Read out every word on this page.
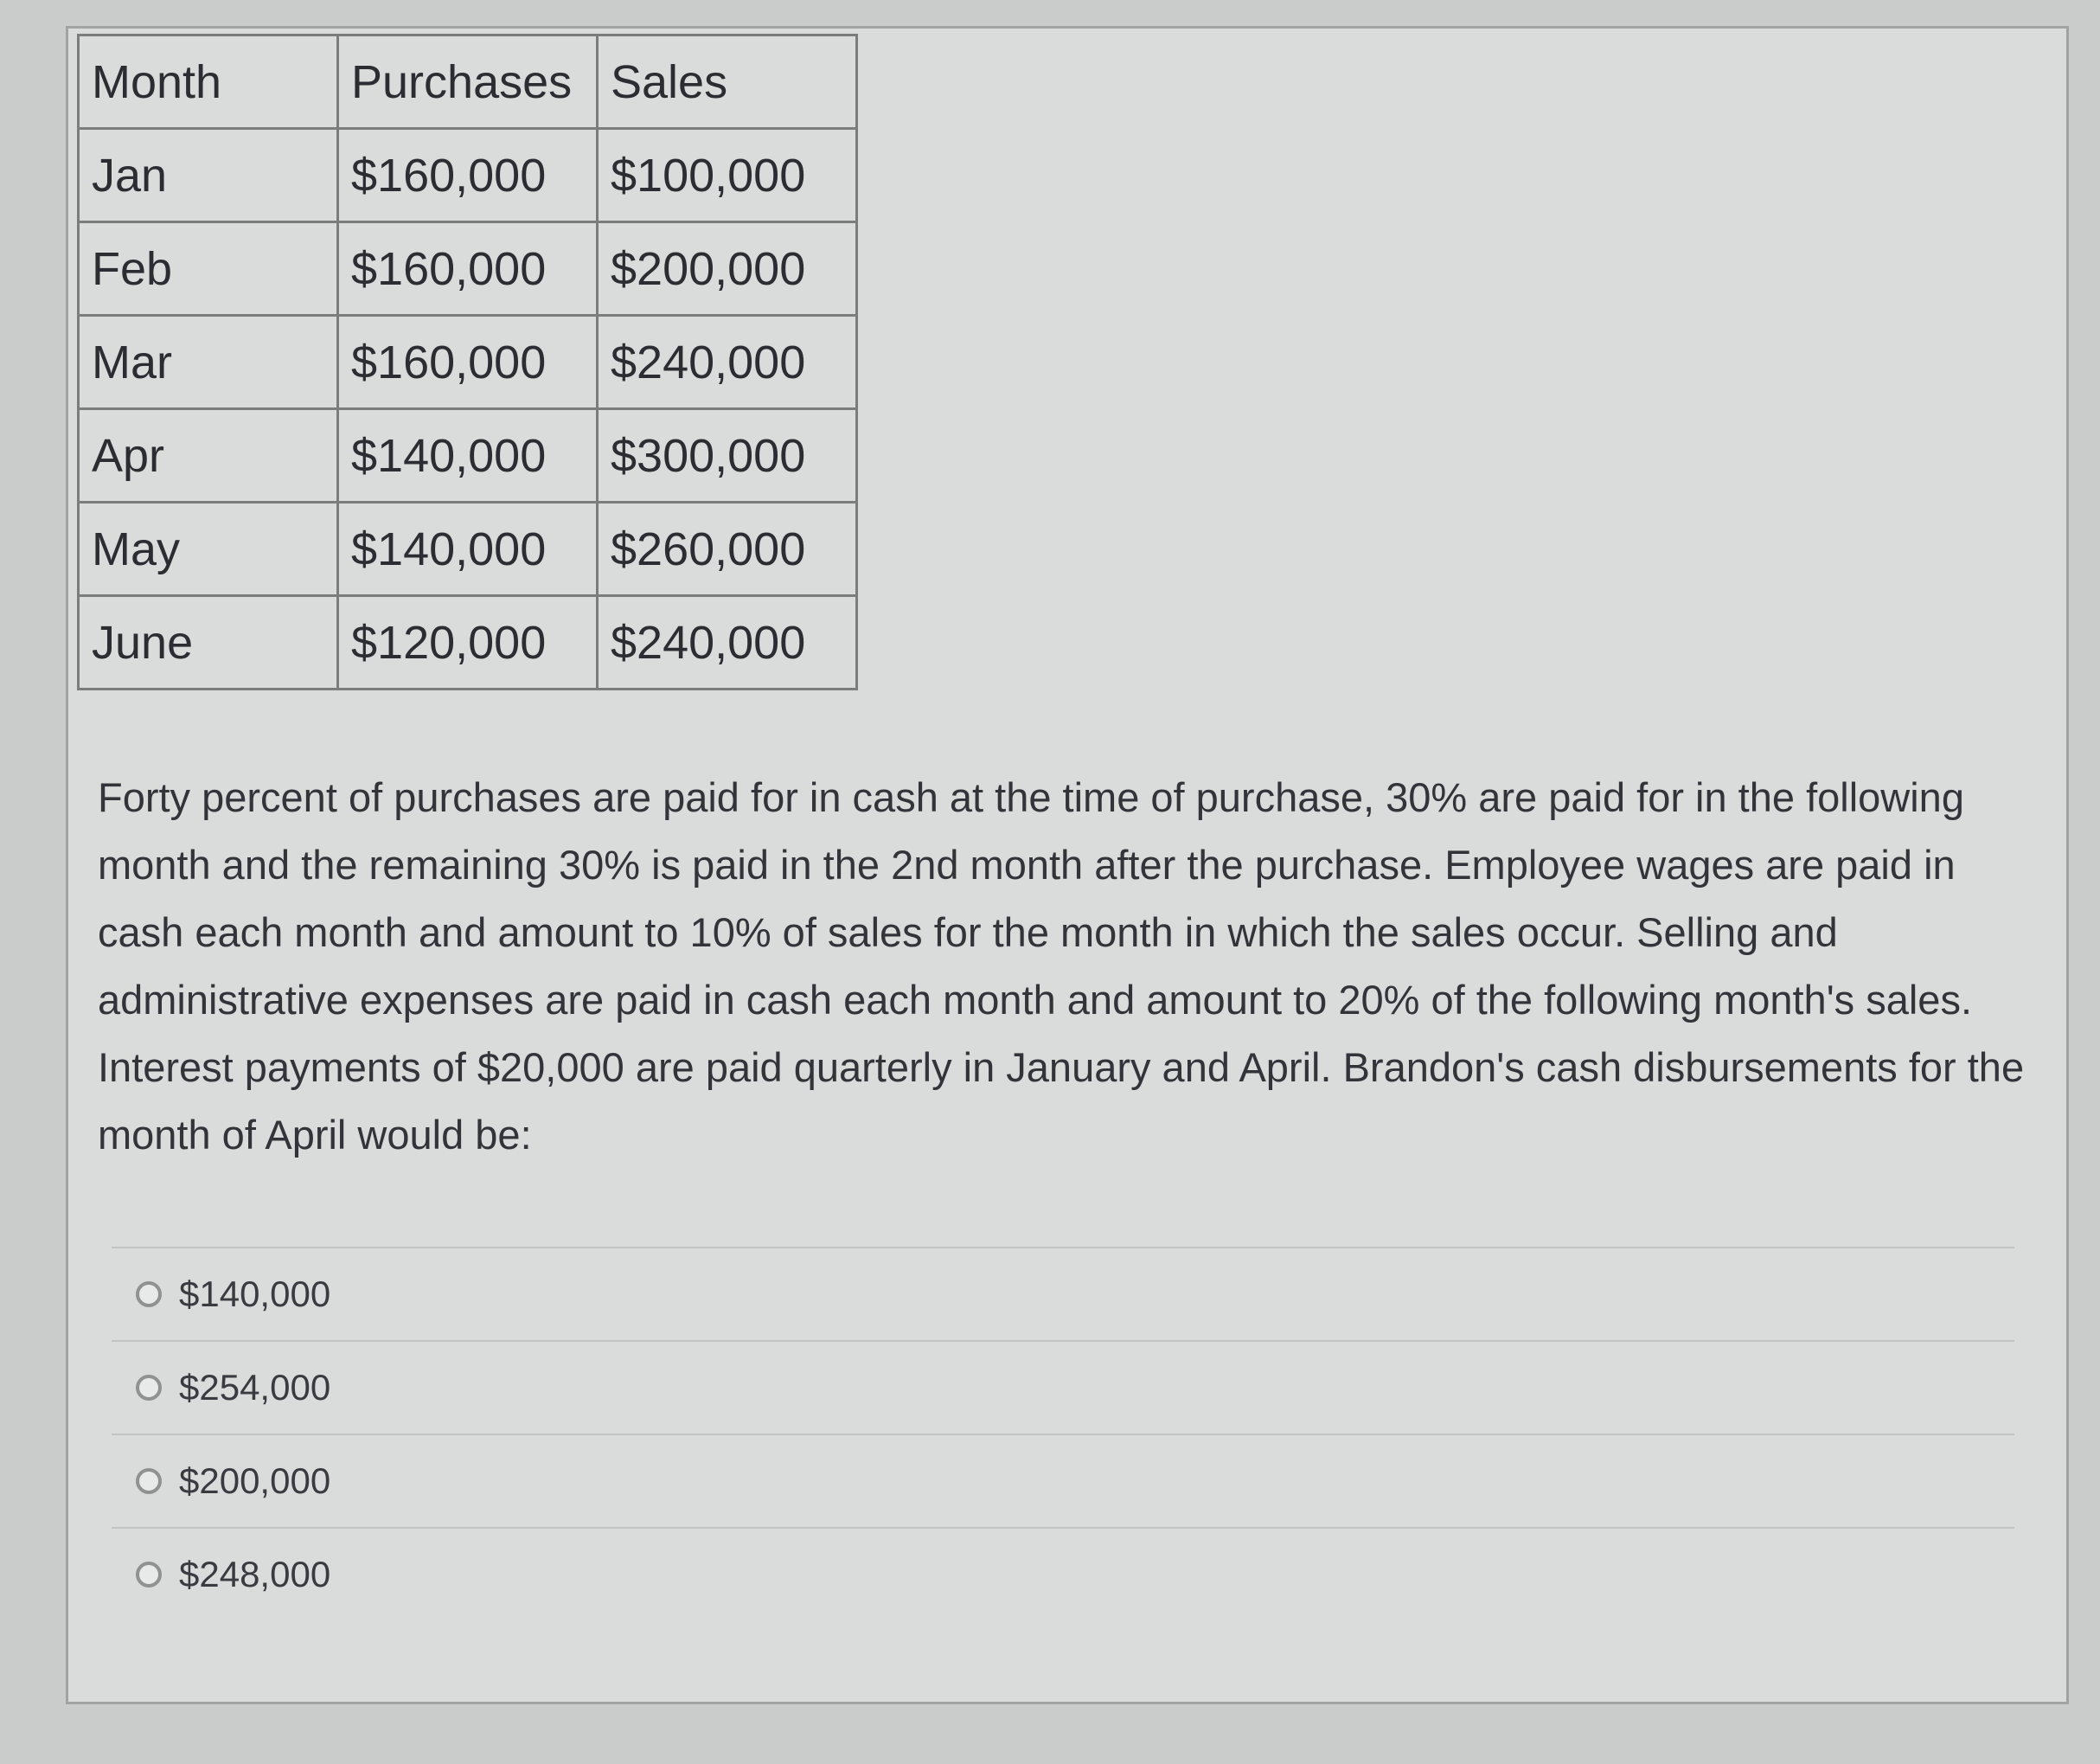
Month	Purchases	Sales
Jan	$160,000	$100,000
Feb	$160,000	$200,000
Mar	$160,000	$240,000
Apr	$140,000	$300,000
May	$140,000	$260,000
June	$120,000	$240,000

Forty percent of purchases are paid for in cash at the time of purchase, 30% are paid for in the following month and the remaining 30% is paid in the 2nd month after the purchase. Employee wages are paid in cash each month and amount to 10% of sales for the month in which the sales occur. Selling and administrative expenses are paid in cash each month and amount to 20% of the following month's sales. Interest payments of $20,000 are paid quarterly in January and April. Brandon's cash disbursements for the month of April would be:

$140,000
$254,000
$200,000
$248,000
